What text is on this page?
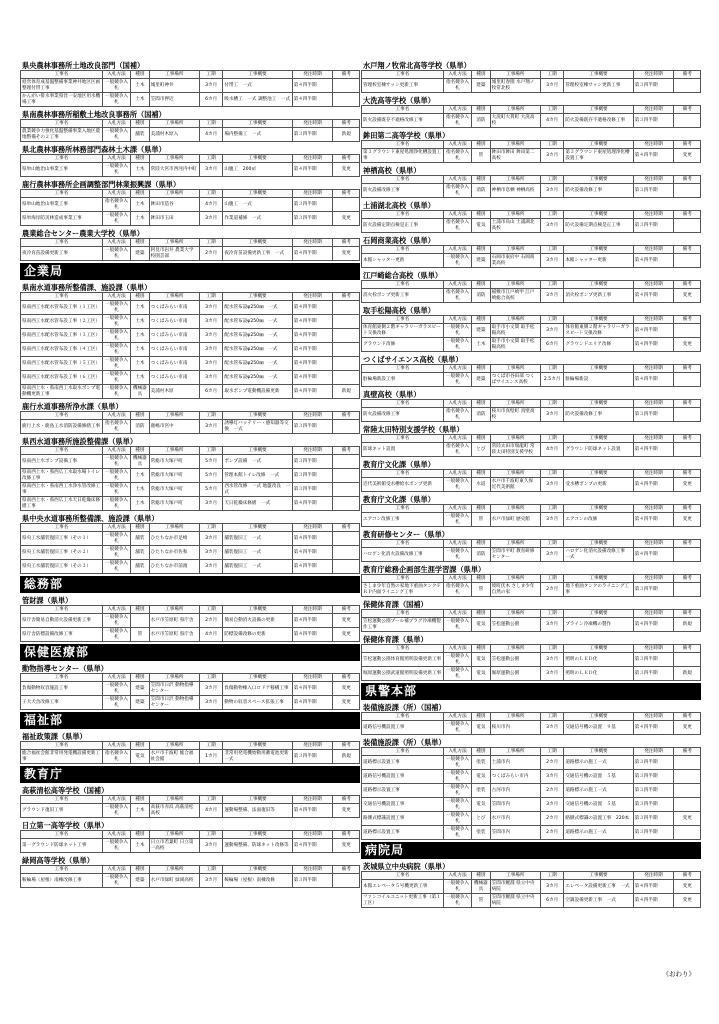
県央農林事務所土地改良部門（国補）
工事名	入札方法	種別	工事場所	工期	工事概要	発注時期	備考
経営体育成基盤整備事業神井地区区画整理付帯工事	一般競争入札	土木	城里町神井	3カ月	付帯工　一式	第４四半期	
かんがい排水事業県営一安地区用水機場工事	一般競争入札	土木	笠間市押辺	6カ月	吸水槽工　一式 調整池工　一式	第４四半期	
県南農林事務所稲敷土地改良事務所（国補）
工事名	入札方法	種別	工事場所	工期	工事概要	発注時期	備考
農業競争力強化基盤整備事業入地区農地整備その２工事	一般競争入札	舗装	美浦村木原入	4カ月	場内整備工　一式	第３四半期	新規
県北農林事務所林務部門森林土木課（県単）
工事名	入札方法	種別	工事場所	工期	工事概要	発注時期	備考
県単山地治山事業工事	一般競争入札	土木	常陸大宮市西河内中町	3カ月	山腹工　200㎡	第４四半期	変更
鹿行農林事務所企画調整部門林業振興課（県単）
工事名	入札方法	種別	工事場所	工期	工事概要	発注時期	備考
県単山地治山事業工事	指名競争入札	土木	鉾田市造谷	4カ月	山腹工　一式	第３四半期	
県単海岸防災林造成事業工事	一般競争入札	土木	鉾田市玉田	3カ月	作業道補修　一式	第３四半期	変更
農業総合センター農業大学校（県単）
工事名	入札方法	種別	工事場所	工期	工事概要	発注時期	備考
夜冷育苗設備更新工事	一般競争入札	建築	阿見市岩井 農業大学校園芸部	2カ月	夜冷育苗設備更新工事　一式	第４四半期	変更
企業局
県南水道事務所整備課、施設課（県単）
工事名	入札方法	種別	工事場所	工期	工事概要	発注時期	備考
県南西工水配水管布設工事（１工区）	一般競争入札	土木	つくばみらい市南	3カ月	配水管布設φ250㎜　一式	第４四半期	
県南西工水配水管布設工事（２工区）	一般競争入札	土木	つくばみらい市南	3カ月	配水管布設φ250㎜　一式	第４四半期	
県南西工水配水管布設工事（３工区）	一般競争入札	土木	つくばみらい市南	3カ月	配水管布設φ250㎜　一式	第４四半期	
県南西工水配水管布設工事（４工区）	一般競争入札	土木	つくばみらい市南	3カ月	配水管布設φ250㎜　一式	第４四半期	
県南西工水配水管布設工事（５工区）	一般競争入札	土木	つくばみらい市南	3カ月	配水管布設φ250㎜　一式	第４四半期	
県南西工水配水管布設工事（６工区）	一般競争入札	土木	つくばみらい市南	3カ月	配水管布設φ250㎜　一式	第４四半期	
県南西上水・県南西工水取水ポンプ電動機更新工事	一般競争入札	機械器具	美浦村木原	6カ月	取水ポンプ電動機設備更新	第４四半期	新規
鹿行水道事務所浄水課（県単）
工事名	入札方法	種別	工事場所	工期	工事概要	発注時期	備考
鹿行上水・鹿島工水消防設備修繕工事	指名競争入札	消防	鹿嶋市宮中	3カ月	誘導灯バッテリー・感知器等交換　一式	第３四半期	
県西水道事務所施設整備課（県単）
工事名	入札方法	種別	工事場所	工期	工事概要	発注時期	備考
県南西上水ポンプ設備工事	一般競争入札	機械器具	常総市大塚戸町	5カ月	ポンプ設備　一式	第３四半期	
県南西上水・県西広工水取水場トイレ改修工事	一般競争入札	土木	常総市大塚戸町	5カ月	管理本館トイレ改修　一式	第３四半期	
県南西上水・県南西工水浄水管改修工事	一般競争入札	土木	常総市大塚戸町	5カ月	西水管改修　一式 地盤改良　一式	第３四半期	
県南西上水・県西広工水天日乾燥床修繕工事	一般競争入札	土木	常総市大塚戸町	3カ月	天日乾燥床修繕　一式	第４四半期	
県中央水道事務所整備課、施設課（県単）
工事名	入札方法	種別	工事場所	工期	工事概要	発注時期	備考
県央工水舗装復旧工事（その１）	一般競争入札	舗装	ひたちなか市足崎	3カ月	舗装復旧工　一式	第４四半期	
県央工水舗装復旧工事（その２）	一般競争入札	舗装	ひたちなか市佐和	3カ月	舗装復旧工　一式	第４四半期	
県央工水舗装復旧工事（その３）	一般競争入札	舗装	ひたちなか市前渡	3カ月	舗装復旧工　一式	第４四半期	
総務部
管財課（県単）
工事名	入札方法	種別	工事場所	工期	工事概要	発注時期	備考
県庁舎簡易自動消火設備更新工事	一般競争入札		水戸市笠原町 県庁舎	2カ月	簡易自動消火設備の更新	第４四半期	変更
県庁舎防標設備改修工事	一般競争入札	管	水戸市笠原町 県庁舎	4カ月	防標設備改修の更新	第４四半期	変更
保健医療部
動物指導センター（県単）
工事名	入札方法	種別	工事場所	工期	工事概要	発注時期	備考
負傷動物収容施設工事	一般競争入札	建築	笠間市日沢 動物指導センター	3カ月	負傷動物棟入口ロドア移構工事	第４四半期	変更
子犬犬舎改修工事	一般競争入札	建築	笠間市日沢 動物指導センター	3カ月	動物の収容スペース拡張工事	第４四半期	変更
福祉部
福祉政策課（県単）
工事名	入札方法	種別	工事場所	工期	工事概要	発注時期	備考
総合福祉会館非常用発電機設備更新工事	指名競争入札	電気	水戸市千波町 総合福祉会館	1カ月	非常用発電機始動用蓄電池更新　一式	第３四半期	新規
教育庁
高萩清松高等学校（国補）
工事名	入札方法	種別	工事場所	工期	工事概要	発注時期	備考
グラウンド復旧工事	一般競争入札	土木	高萩市赤浜 高萩清松高校	4カ月	運動場整備、法面復旧等	第４四半期	変更
日立第一高等学校（県単）
工事名	入札方法	種別	工事場所	工期	工事概要	発注時期	備考
第一グラウンド防球ネット工事	一般競争入札	土木	日立市若葉町 日立第一高校	3カ月	運動場整備、防球ネット改修等	第４四半期	変更
緑岡高等学校（県単）
工事名	入札方法	種別	工事場所	工期	工事概要	発注時期	備考
鞍輪場（屋根）南棟改修工事	一般競争入札	建築	水戸市緑町 緑岡高校	3カ月	鞍輪場（屋根）南棟改修	第３四半期	
水戸翔ノ牧常北高等学校（県単）
工事名	入札方法	種別	工事場所	工期	工事概要	発注時期	備考
管理校室棟サッシ更新工事	指名競争入札	建築	城里町春園 水戸翔ノ牧常北校	3カ月	管理校室棟サッシ更新工事	第３四半期	
大洗高等学校（県単）
工事名	入札方法	種別	工事場所	工期	工事概要	発注時期	備考
防火設備既存不適格改修工事	指名競争入札	消防	大洗町大貫町 大洗高校	4カ月	防火設備既存不適格改修工事	第３四半期	
鉾田第二高等学校（県単）
工事名	入札方法	種別	工事場所	工期	工事概要	発注時期	備考
第３グラウンド東屋処理浄化槽設置工事	指名競争入札	管	鉾田市鉾田 鉾田第二高校	3カ月	第３グラウンド東屋処理浄化槽設置工事	第４四半期	変更
神栖高校（県単）
工事名	入札方法	種別	工事場所	工期	工事概要	発注時期	備考
防火設備改修工事	指名競争入札	消防	神栖市息栖 神栖高校	3カ月	防火設備改修工事	第３四半期	
土浦湖北高校（県単）
工事名	入札方法	種別	工事場所	工期	工事概要	発注時期	備考
防火設備定期点検是正工事	指名競争入札	電気	土浦市烏山 土浦湖北高校	3カ月	防火設備定期点検是正工事	第３四半期	
石岡商業高校（県単）
工事名	入札方法	種別	工事場所	工期	工事概要	発注時期	備考
本館シャッター更新	一般競争入札	建築	石岡市東府中 石岡商業高校	3カ月	本館シャッター更新	第４四半期	
江戸崎総合高校（県単）
工事名	入札方法	種別	工事場所	工期	工事概要	発注時期	備考
消火栓ポンプ更新工事	指名競争入札	消防	稲敷市江戸崎甲 江戸崎総合高校	3カ月	消火栓ポンプ更新工事	第４四半期	変更
取手松陽高校（県単）
工事名	入札方法	種別	工事場所	工期	工事概要	発注時期	備考
体育館東側２階ギャラリーガラスピート交換改修	一般競争入札	建築	取手市小文間 取手松陽高校	3カ月	体育館東側２階ギャラリーガラスピート交換改修	第４四半期	
グラウンド改修	一般競争入札	土木	取手市小文間 取手松陽高校	6カ月	グラウンドエリア改修	第４四半期	変更
つくばサイエンス高校（県単）
工事名	入札方法	種別	工事場所	工期	工事概要	発注時期	備考
駐輪場新設工事	一般競争入札	建築	つくば市谷田部 つくばサイエンス高校	2.5カ月	駐輪場新設	第４四半期	
真壁高校（県単）
工事名	入札方法	種別	工事場所	工期	工事概要	発注時期	備考
防火設備改修工事	指名競争入札	消防	桜川市真壁町 真壁高校	3カ月	防火設備改修工事	第３四半期	
常陸太田特別支援学校（県単）
工事名	入札方法	種別	工事場所	工期	工事概要	発注時期	備考
防球ネット設置	指名競争入札	とび	常陸太田市瑞龍町 常陸太田特別支援学校	4カ月	グラウンド防球ネット設置	第４四半期	
教育庁文化課（県単）
工事名	入札方法	種別	工事場所	工期	工事概要	発注時期	備考
近代美術館受水槽給水ポンプ更新	一般競争入札	水道	水戸市千波町東久保 近代美術館	3カ月	受水槽ポンプの更新	第４四半期	変更
教育庁文化課（県単）
工事名	入札方法	種別	工事場所	工期	工事概要	発注時期	備考
エアコン改修工事	一般競争入札	管	水戸市緑町 歴史館	3カ月	エアコンの改修	第４四半期	変更
教育研修センター（県単）
工事名	入札方法	種別	工事場所	工期	工事概要	発注時期	備考
ハロゲン化消火設備改修工事	一般競争入札	消防	笠間市平町 教育研修センター	3カ月	ハロゲン化消火設備改修工事　一式	第４四半期	
教育庁総務企画部生涯学習課（県単）
工事名	入札方法	種別	工事場所	工期	工事概要	発注時期	備考
さしま少年自然の家地下重油タンクＦＲＰ内面ライニング工事	指名競争入札	管	境町伏木 さしま少年自然の家	2カ月	地下重油タンクのライニング工事	第３四半期	
保健体育課（国補）
工事名	入札方法	種別	工事場所	工期	工事概要	発注時期	備考
笠松運動公園プール補プラグ冷凍機製作工事	一般競争入札	電気	笠松運動公園	3カ月	プライン冷凍機の製作	第４四半期	新規
保健体育課（県単）
工事名	入札方法	種別	工事場所	工期	工事概要	発注時期	備考
笠松運動公園体育館照明設備更新工事	一般競争入札	電気	笠松運動公園	3カ月	照明のＬＥＤ化	第３四半期	
堀原運動公園武道館照明設備更新工事	一般競争入札	電気	堀原運動公園	3カ月	照明のＬＥＤ化	第３四半期	新規
県警本部
装備施設課（所）（国補）
工事名	入札方法	種別	工事場所	工期	工事概要	発注時期	備考
道路信号機設置工事	一般競争入札	電気	桜川市内	3カ月	交通信号機の設置　９基	第４四半期	変更
装備施設課（所）（県単）
工事名	入札方法	種別	工事場所	工期	工事概要	発注時期	備考
道路標示設置工事	一般競争入札	塗装	土浦市内	2カ月	道路標示の施工一式	第３四半期	
道路信号機設置工事	一般競争入札	電気	つくばみらい市内	3カ月	交通信号機の設置　５基	第３四半期	
道路標示設置工事	一般競争入札	塗装	古河市内	2カ月	道路標示の施工一式	第３四半期	
交通信号機設置工事	一般競争入札	電気	笠間市内	3カ月	交通信号機の設置　５基	第３四半期	
路側式標識設置工事	一般競争入札	とび	水戸市内	2カ月	路側式標識の設置工事　220本	第３四半期	変更
道路標示設置工事	一般競争入札	塗装	笠間市内	2カ月	道路標示の施工一式	第３四半期	
病院局
茨城県立中央病院（県単）
工事名	入札方法	種別	工事場所	工期	工事概要	発注時期	備考
本館エレベータ５号機更新工事	一般競争入札	機械器具	笠間市鯉淵 県立中央病院	3カ月	エレベータ設備更新工事　一式	第４四半期	変更
ファンコイルユニット更新工事（第１工区）	一般競争入札	管	笠間市鯉淵 県立中央病院	6カ月	空調設備更新工事　一式	第４四半期	変更
《おわり》
